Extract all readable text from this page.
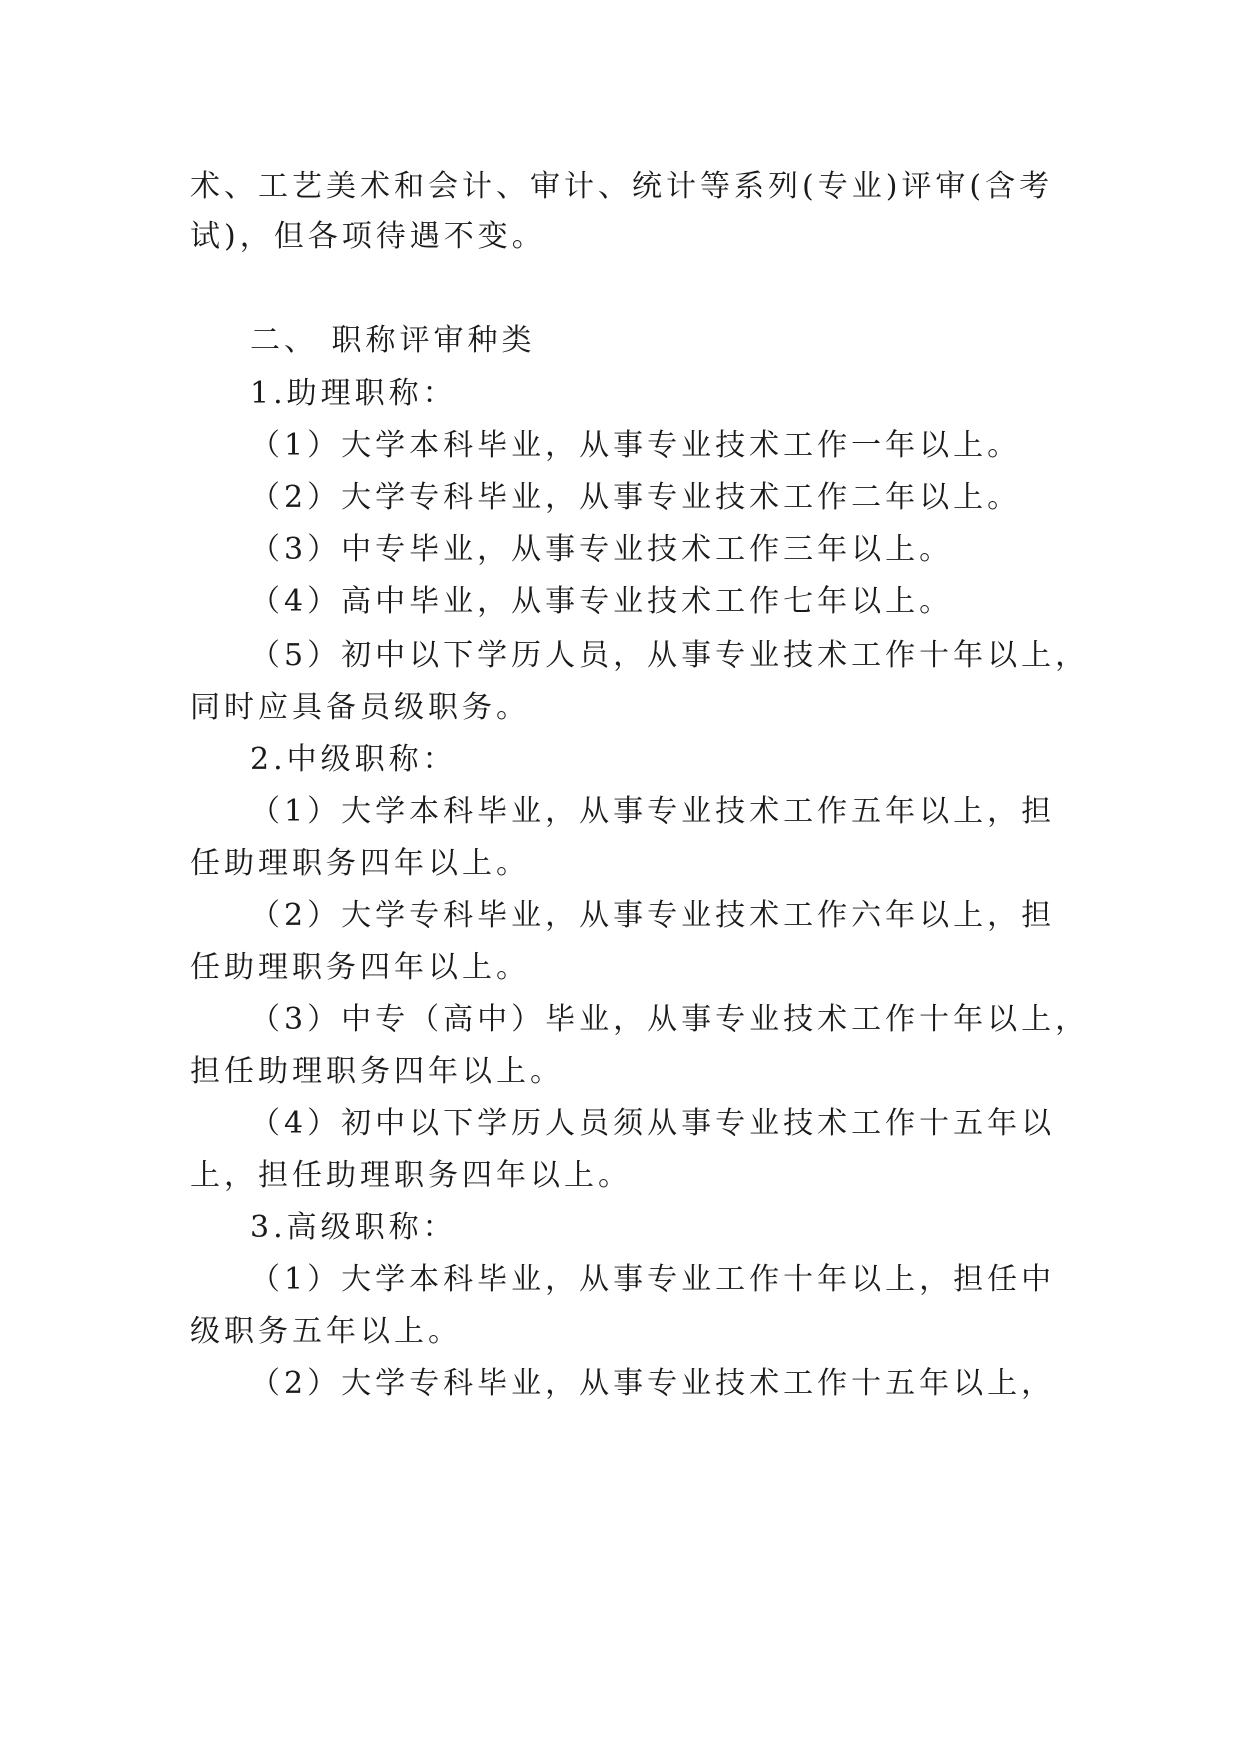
术、工艺美术和会计、审计、统计等系列(专业)评审(含考
试)，但各项待遇不变。
二、 职称评审种类
1.助理职称：
（1）大学本科毕业，从事专业技术工作一年以上。
（2）大学专科毕业，从事专业技术工作二年以上。
（3）中专毕业，从事专业技术工作三年以上。
（4）高中毕业，从事专业技术工作七年以上。
（5）初中以下学历人员，从事专业技术工作十年以上，
同时应具备员级职务。
2.中级职称：
（1）大学本科毕业，从事专业技术工作五年以上，担
任助理职务四年以上。
（2）大学专科毕业，从事专业技术工作六年以上，担
任助理职务四年以上。
（3）中专（高中）毕业，从事专业技术工作十年以上，
担任助理职务四年以上。
（4）初中以下学历人员须从事专业技术工作十五年以
上，担任助理职务四年以上。
3.高级职称：
（1）大学本科毕业，从事专业工作十年以上，担任中
级职务五年以上。
（2）大学专科毕业，从事专业技术工作十五年以上，
